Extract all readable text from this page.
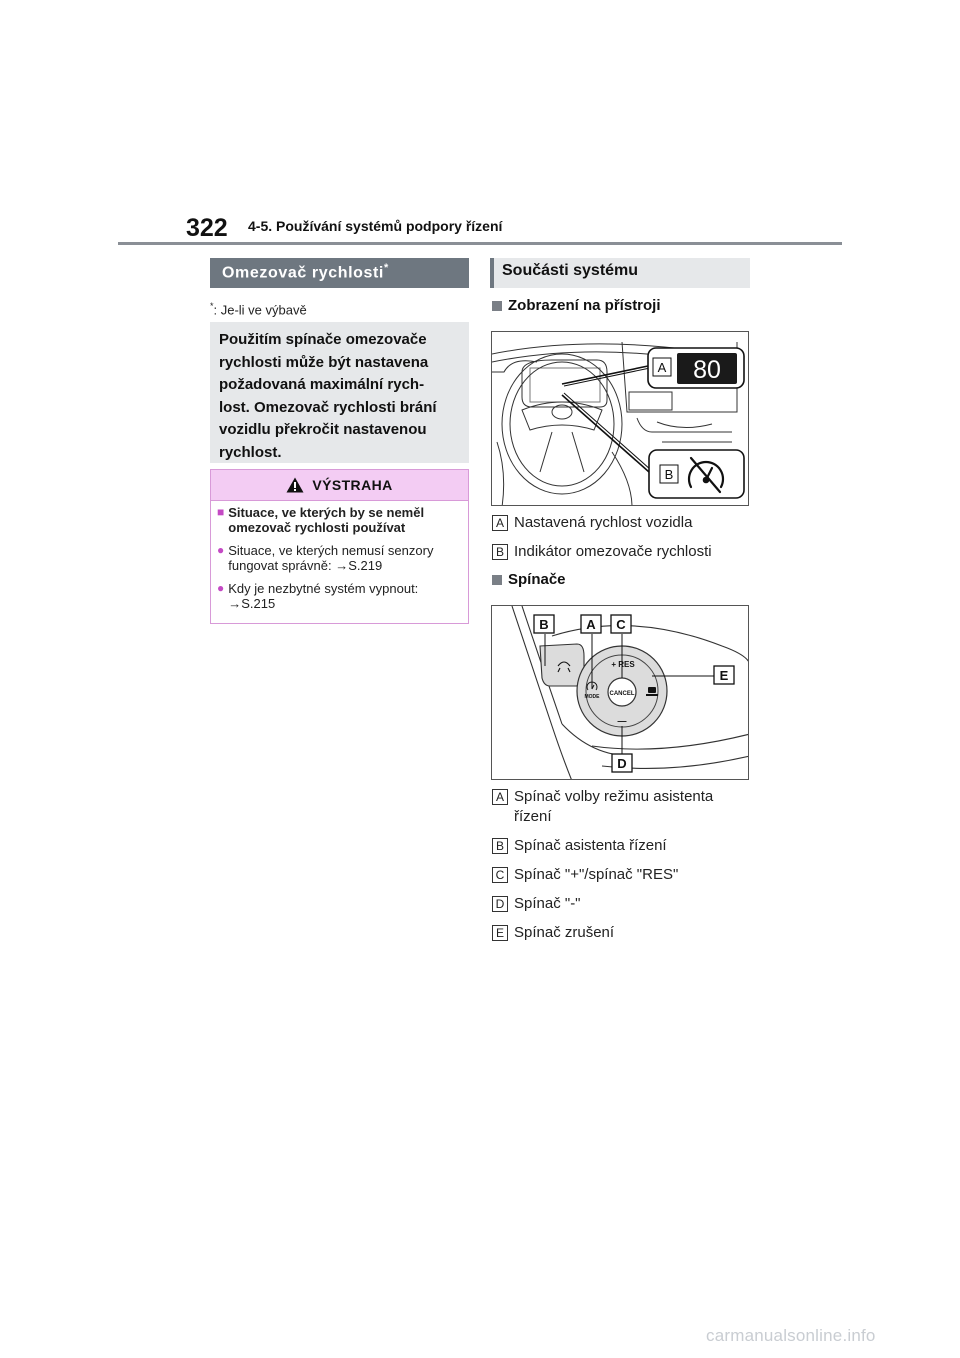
322 4-5. Používání systémů podpory řízení
Omezovač rychlosti*
*: Je-li ve výbavě
Použitím spínače omezovače
rychlosti může být nastavena
požadovaná maximální rych-
lost. Omezovač rychlosti brání
vozidlu překročit nastavenou
rychlost.
VÝSTRAHA
■ Situace, ve kterých by se neměl
omezovač rychlosti používat
● Situace, ve kterých nemusí senzory
fungovat správně: →S.219
● Kdy je nezbytné systém vypnout:
→S.215
Součásti systému
Zobrazení na přístroji
A 80
B
A Nastavená rychlost vozidla
B Indikátor omezovače rychlosti
Spínače
CANCEL
+ RES
MODE
—
B	A C
E
D
A Spínač volby režimu asistenta
řízení
B Spínač asistenta řízení
C Spínač "+"/spínač "RES"
D Spínač "-"
E Spínač zrušení
carmanualsonline.info
